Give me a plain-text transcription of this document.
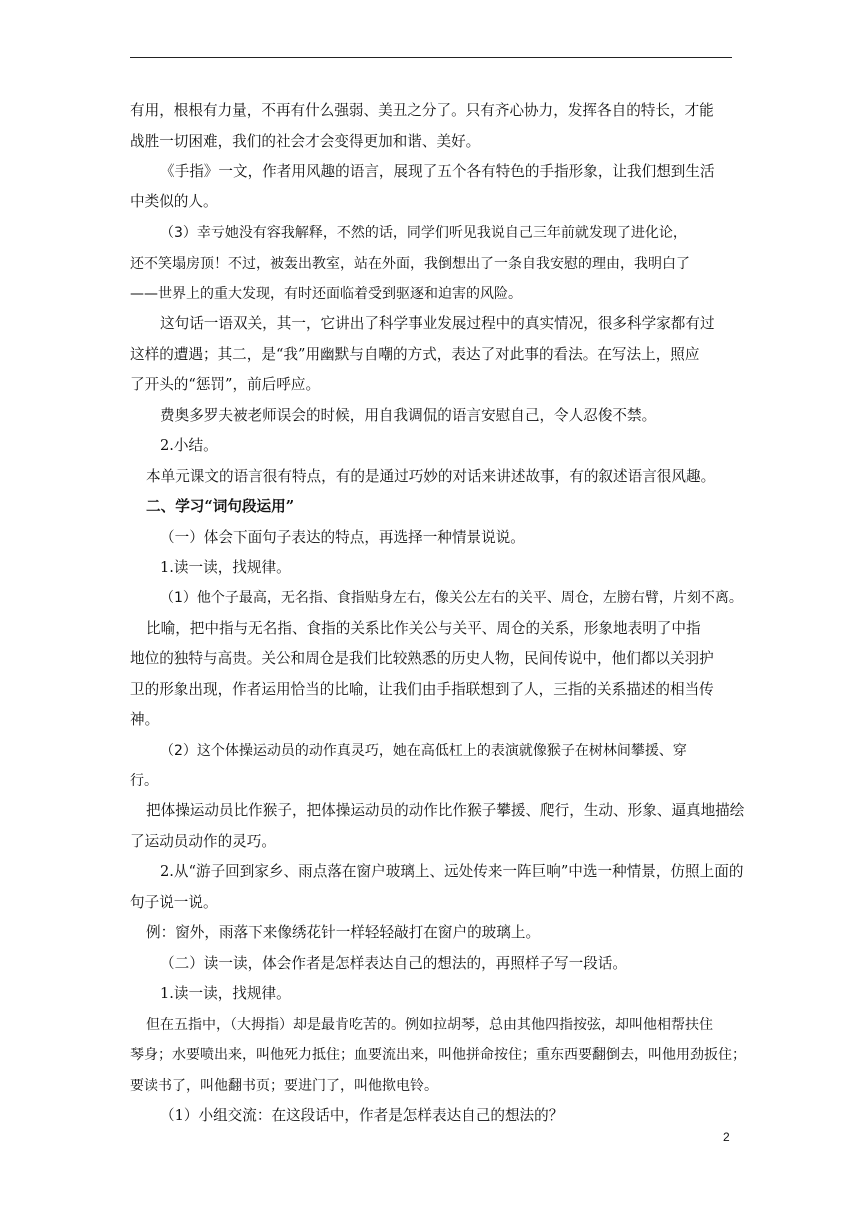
有用，根根有力量，不再有什么强弱、美丑之分了。只有齐心协力，发挥各自的特长，才能
战胜一切困难，我们的社会才会变得更加和谐、美好。
《手指》一文，作者用风趣的语言，展现了五个各有特色的手指形象，让我们想到生活
中类似的人。
（3）幸亏她没有容我解释，不然的话，同学们听见我说自己三年前就发现了进化论，
还不笑塌房顶！不过，被轰出教室，站在外面，我倒想出了一条自我安慰的理由，我明白了
——世界上的重大发现，有时还面临着受到驱逐和迫害的风险。
这句话一语双关，其一，它讲出了科学事业发展过程中的真实情况，很多科学家都有过
这样的遭遇；其二，是“我”用幽默与自嘲的方式，表达了对此事的看法。在写法上，照应
了开头的“惩罚”，前后呼应。
费奥多罗夫被老师误会的时候，用自我调侃的语言安慰自己，令人忍俊不禁。
2.小结。
本单元课文的语言很有特点，有的是通过巧妙的对话来讲述故事，有的叙述语言很风趣。
二、学习“词句段运用”
（一）体会下面句子表达的特点，再选择一种情景说说。
1.读一读，找规律。
（1）他个子最高，无名指、食指贴身左右，像关公左右的关平、周仓，左膀右臂，片刻不离。
比喻，把中指与无名指、食指的关系比作关公与关平、周仓的关系，形象地表明了中指
地位的独特与高贵。关公和周仓是我们比较熟悉的历史人物，民间传说中，他们都以关羽护
卫的形象出现，作者运用恰当的比喻，让我们由手指联想到了人，三指的关系描述的相当传
神。
（2）这个体操运动员的动作真灵巧，她在高低杠上的表演就像猴子在树林间攀援、穿
行。
把体操运动员比作猴子，把体操运动员的动作比作猴子攀援、爬行，生动、形象、逼真地描绘
了运动员动作的灵巧。
2.从“游子回到家乡、雨点落在窗户玻璃上、远处传来一阵巨响”中选一种情景，仿照上面的
句子说一说。
例：窗外，雨落下来像绣花针一样轻轻敲打在窗户的玻璃上。
（二）读一读，体会作者是怎样表达自己的想法的，再照样子写一段话。
1.读一读，找规律。
但在五指中，（大拇指）却是最肯吃苦的。例如拉胡琴，总由其他四指按弦，却叫他相帮扶住
琴身；水要喷出来，叫他死力抵住；血要流出来，叫他拼命按住；重东西要翻倒去，叫他用劲扳住；
要读书了，叫他翻书页；要进门了，叫他揿电铃。
（1）小组交流：在这段话中，作者是怎样表达自己的想法的？
2
